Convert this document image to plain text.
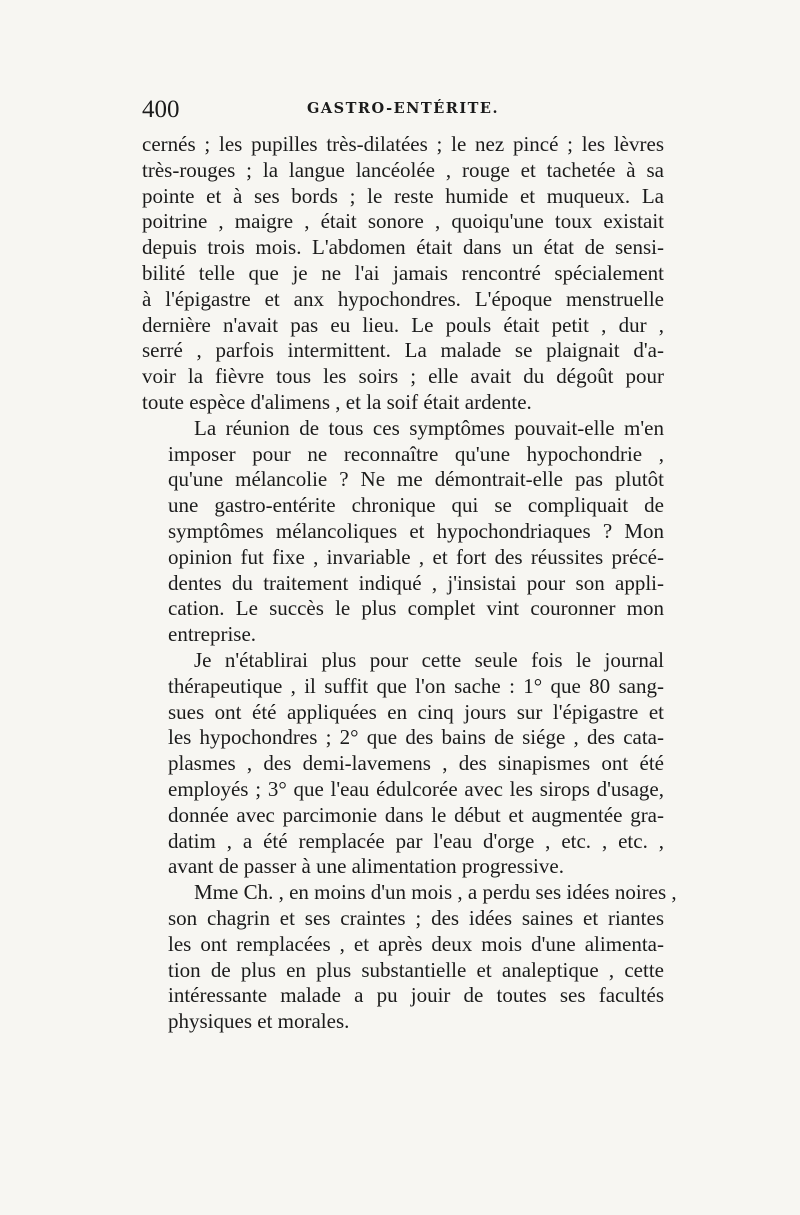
400	GASTRO-ENTÉRITE.

cernés ; les pupilles très-dilatées ; le nez pincé ; les lèvres
très-rouges ; la langue lancéolée , rouge et tachetée à sa
pointe et à ses bords ; le reste humide et muqueux. La
poitrine , maigre , était sonore , quoiqu'une toux existait
depuis trois mois. L'abdomen était dans un état de sensi-
bilité telle que je ne l'ai jamais rencontré spécialement
à l'épigastre et anx hypochondres. L'époque menstruelle
dernière n'avait pas eu lieu. Le pouls était petit , dur ,
serré , parfois intermittent. La malade se plaignait d'a-
voir la fièvre tous les soirs ; elle avait du dégoût pour
toute espèce d'alimens , et la soif était ardente.

La réunion de tous ces symptômes pouvait-elle m'en
imposer pour ne reconnaître qu'une hypochondrie ,
qu'une mélancolie ? Ne me démontrait-elle pas plutôt
une gastro-entérite chronique qui se compliquait de
symptômes mélancoliques et hypochondriaques ? Mon
opinion fut fixe , invariable , et fort des réussites précé-
dentes du traitement indiqué , j'insistai pour son appli-
cation. Le succès le plus complet vint couronner mon
entreprise.

Je n'établirai plus pour cette seule fois le journal
thérapeutique , il suffit que l'on sache : 1° que 80 sang-
sues ont été appliquées en cinq jours sur l'épigastre et
les hypochondres ; 2° que des bains de siége , des cata-
plasmes , des demi-lavemens , des sinapismes ont été
employés ; 3° que l'eau édulcorée avec les sirops d'usage,
donnée avec parcimonie dans le début et augmentée gra-
datim , a été remplacée par l'eau d'orge , etc. , etc. ,
avant de passer à une alimentation progressive.

Mme Ch. , en moins d'un mois , a perdu ses idées noires ,
son chagrin et ses craintes ; des idées saines et riantes
les ont remplacées , et après deux mois d'une alimenta-
tion de plus en plus substantielle et analeptique , cette
intéressante malade a pu jouir de toutes ses facultés
physiques et morales.
